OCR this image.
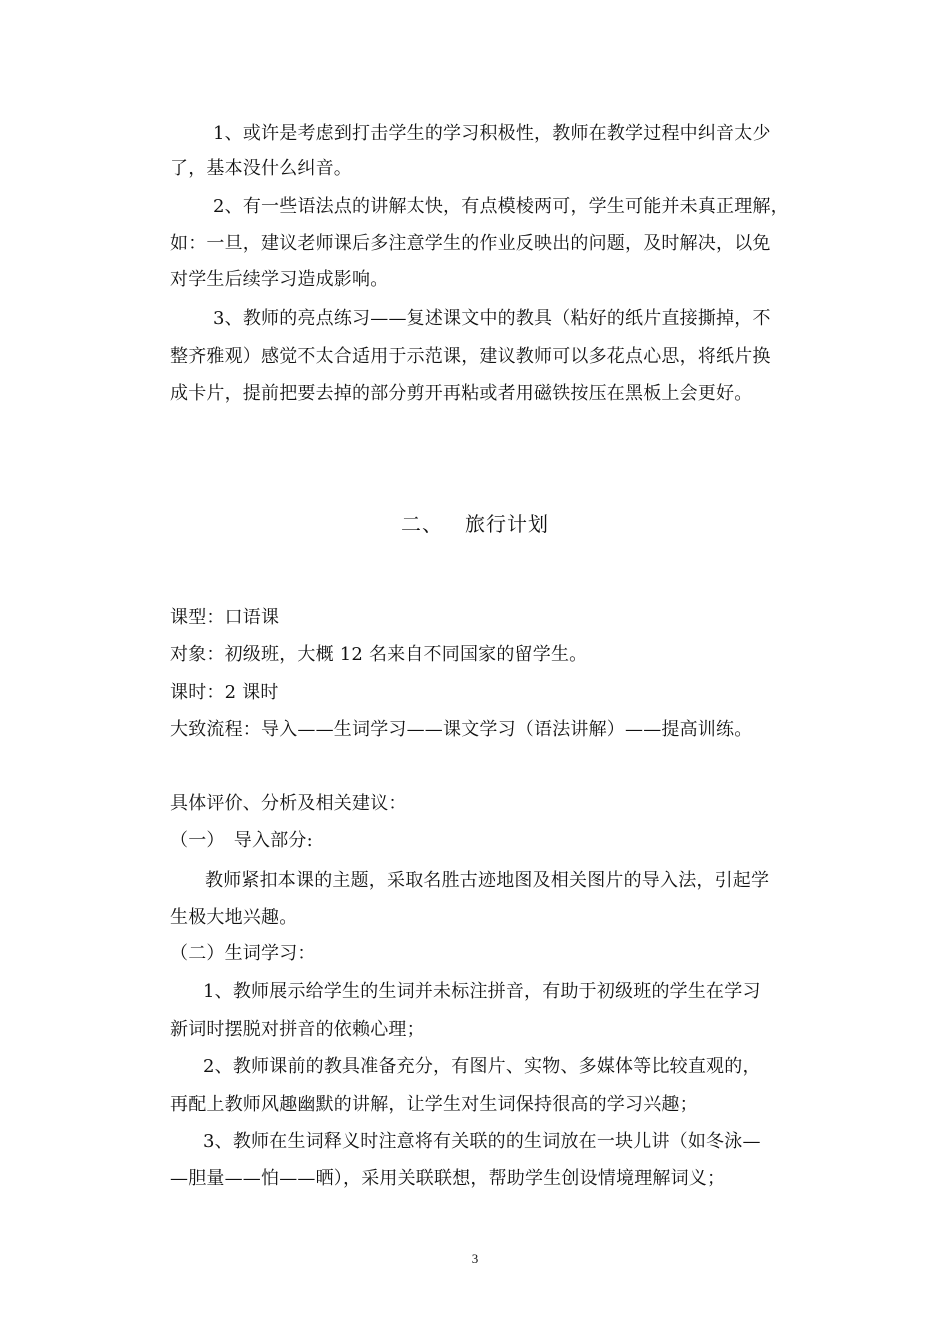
1、或许是考虑到打击学生的学习积极性，教师在教学过程中纠音太少
了，基本没什么纠音。
2、有一些语法点的讲解太快，有点模棱两可，学生可能并未真正理解，
如：一旦，建议老师课后多注意学生的作业反映出的问题，及时解决，以免
对学生后续学习造成影响。
3、教师的亮点练习——复述课文中的教具（粘好的纸片直接撕掉，不
整齐雅观）感觉不太合适用于示范课，建议教师可以多花点心思，将纸片换
成卡片，提前把要去掉的部分剪开再粘或者用磁铁按压在黑板上会更好。
二、 旅行计划
课型：口语课
对象：初级班，大概 12 名来自不同国家的留学生。
课时：2 课时
大致流程：导入——生词学习——课文学习（语法讲解）——提高训练。
具体评价、分析及相关建议：
（一）　导入部分:
教师紧扣本课的主题，采取名胜古迹地图及相关图片的导入法，引起学
生极大地兴趣。
（二）生词学习：
1、教师展示给学生的生词并未标注拼音，有助于初级班的学生在学习
新词时摆脱对拼音的依赖心理；
2、教师课前的教具准备充分，有图片、实物、多媒体等比较直观的，
再配上教师风趣幽默的讲解，让学生对生词保持很高的学习兴趣；
3、教师在生词释义时注意将有关联的的生词放在一块儿讲（如冬泳—
—胆量——怕——晒），采用关联联想，帮助学生创设情境理解词义；
3
